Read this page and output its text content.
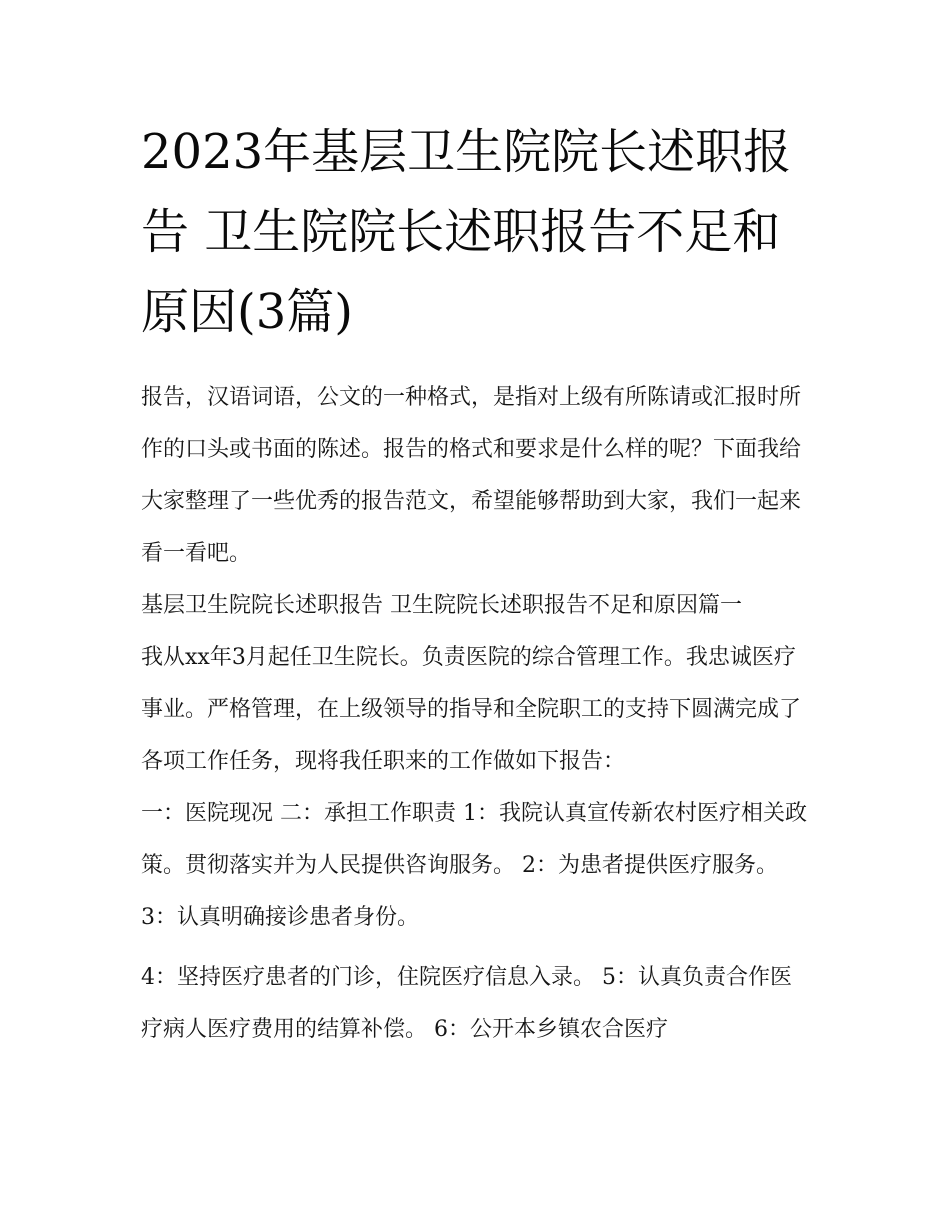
2023年基层卫生院院长述职报告 卫生院院长述职报告不足和原因(3篇)

报告，汉语词语，公文的一种格式，是指对上级有所陈请或汇报时所作的口头或书面的陈述。报告的格式和要求是什么样的呢？下面我给大家整理了一些优秀的报告范文，希望能够帮助到大家，我们一起来看一看吧。

基层卫生院院长述职报告 卫生院院长述职报告不足和原因篇一

我从xx年3月起任卫生院长。负责医院的综合管理工作。我忠诚医疗事业。严格管理，在上级领导的指导和全院职工的支持下圆满完成了各项工作任务，现将我任职来的工作做如下报告：

一：医院现况 二：承担工作职责 1：我院认真宣传新农村医疗相关政策。贯彻落实并为人民提供咨询服务。 2：为患者提供医疗服务。 3：认真明确接诊患者身份。

4：坚持医疗患者的门诊，住院医疗信息入录。 5：认真负责合作医疗病人医疗费用的结算补偿。 6：公开本乡镇农合医疗
